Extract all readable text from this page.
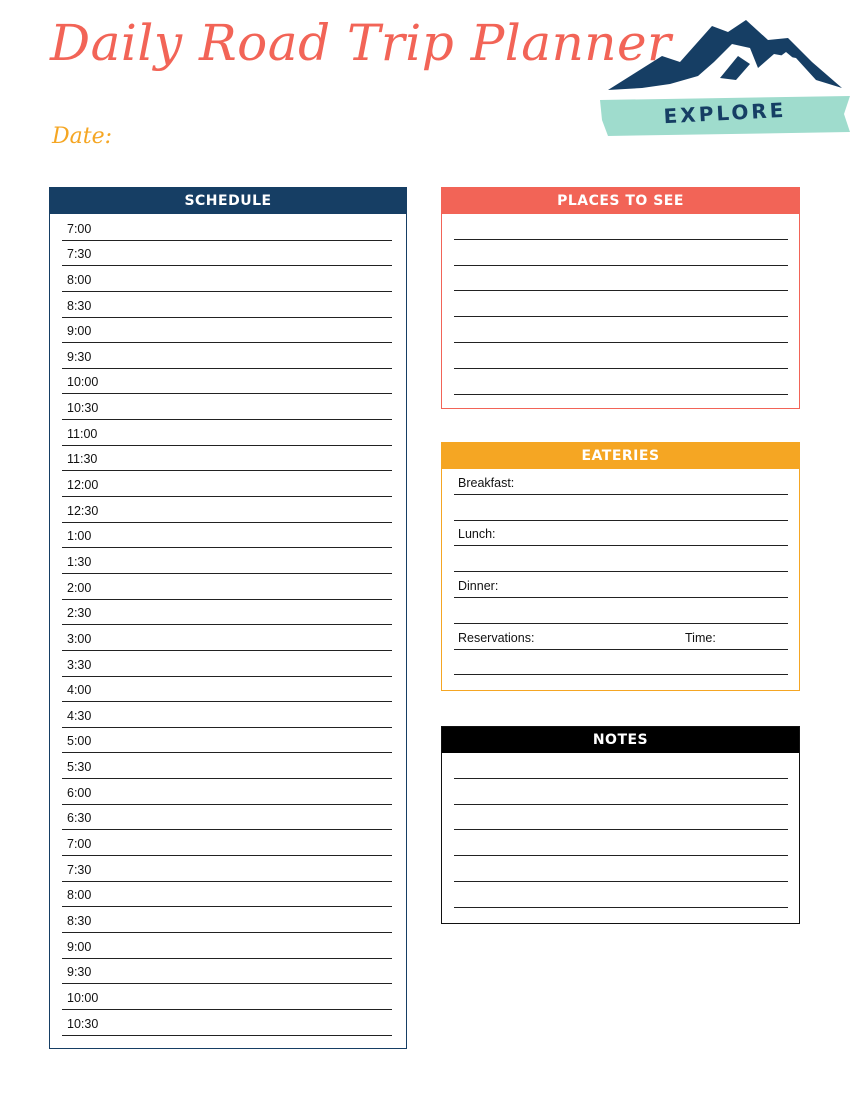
Daily Road Trip Planner
Date:
EXPLORE
SCHEDULE
7:00
7:30
8:00
8:30
9:00
9:30
10:00
10:30
11:00
11:30
12:00
12:30
1:00
1:30
2:00
2:30
3:00
3:30
4:00
4:30
5:00
5:30
6:00
6:30
7:00
7:30
8:00
8:30
9:00
9:30
10:00
10:30
PLACES TO SEE
EATERIES
Breakfast:
Lunch:
Dinner:
Reservations:	Time:
NOTES
